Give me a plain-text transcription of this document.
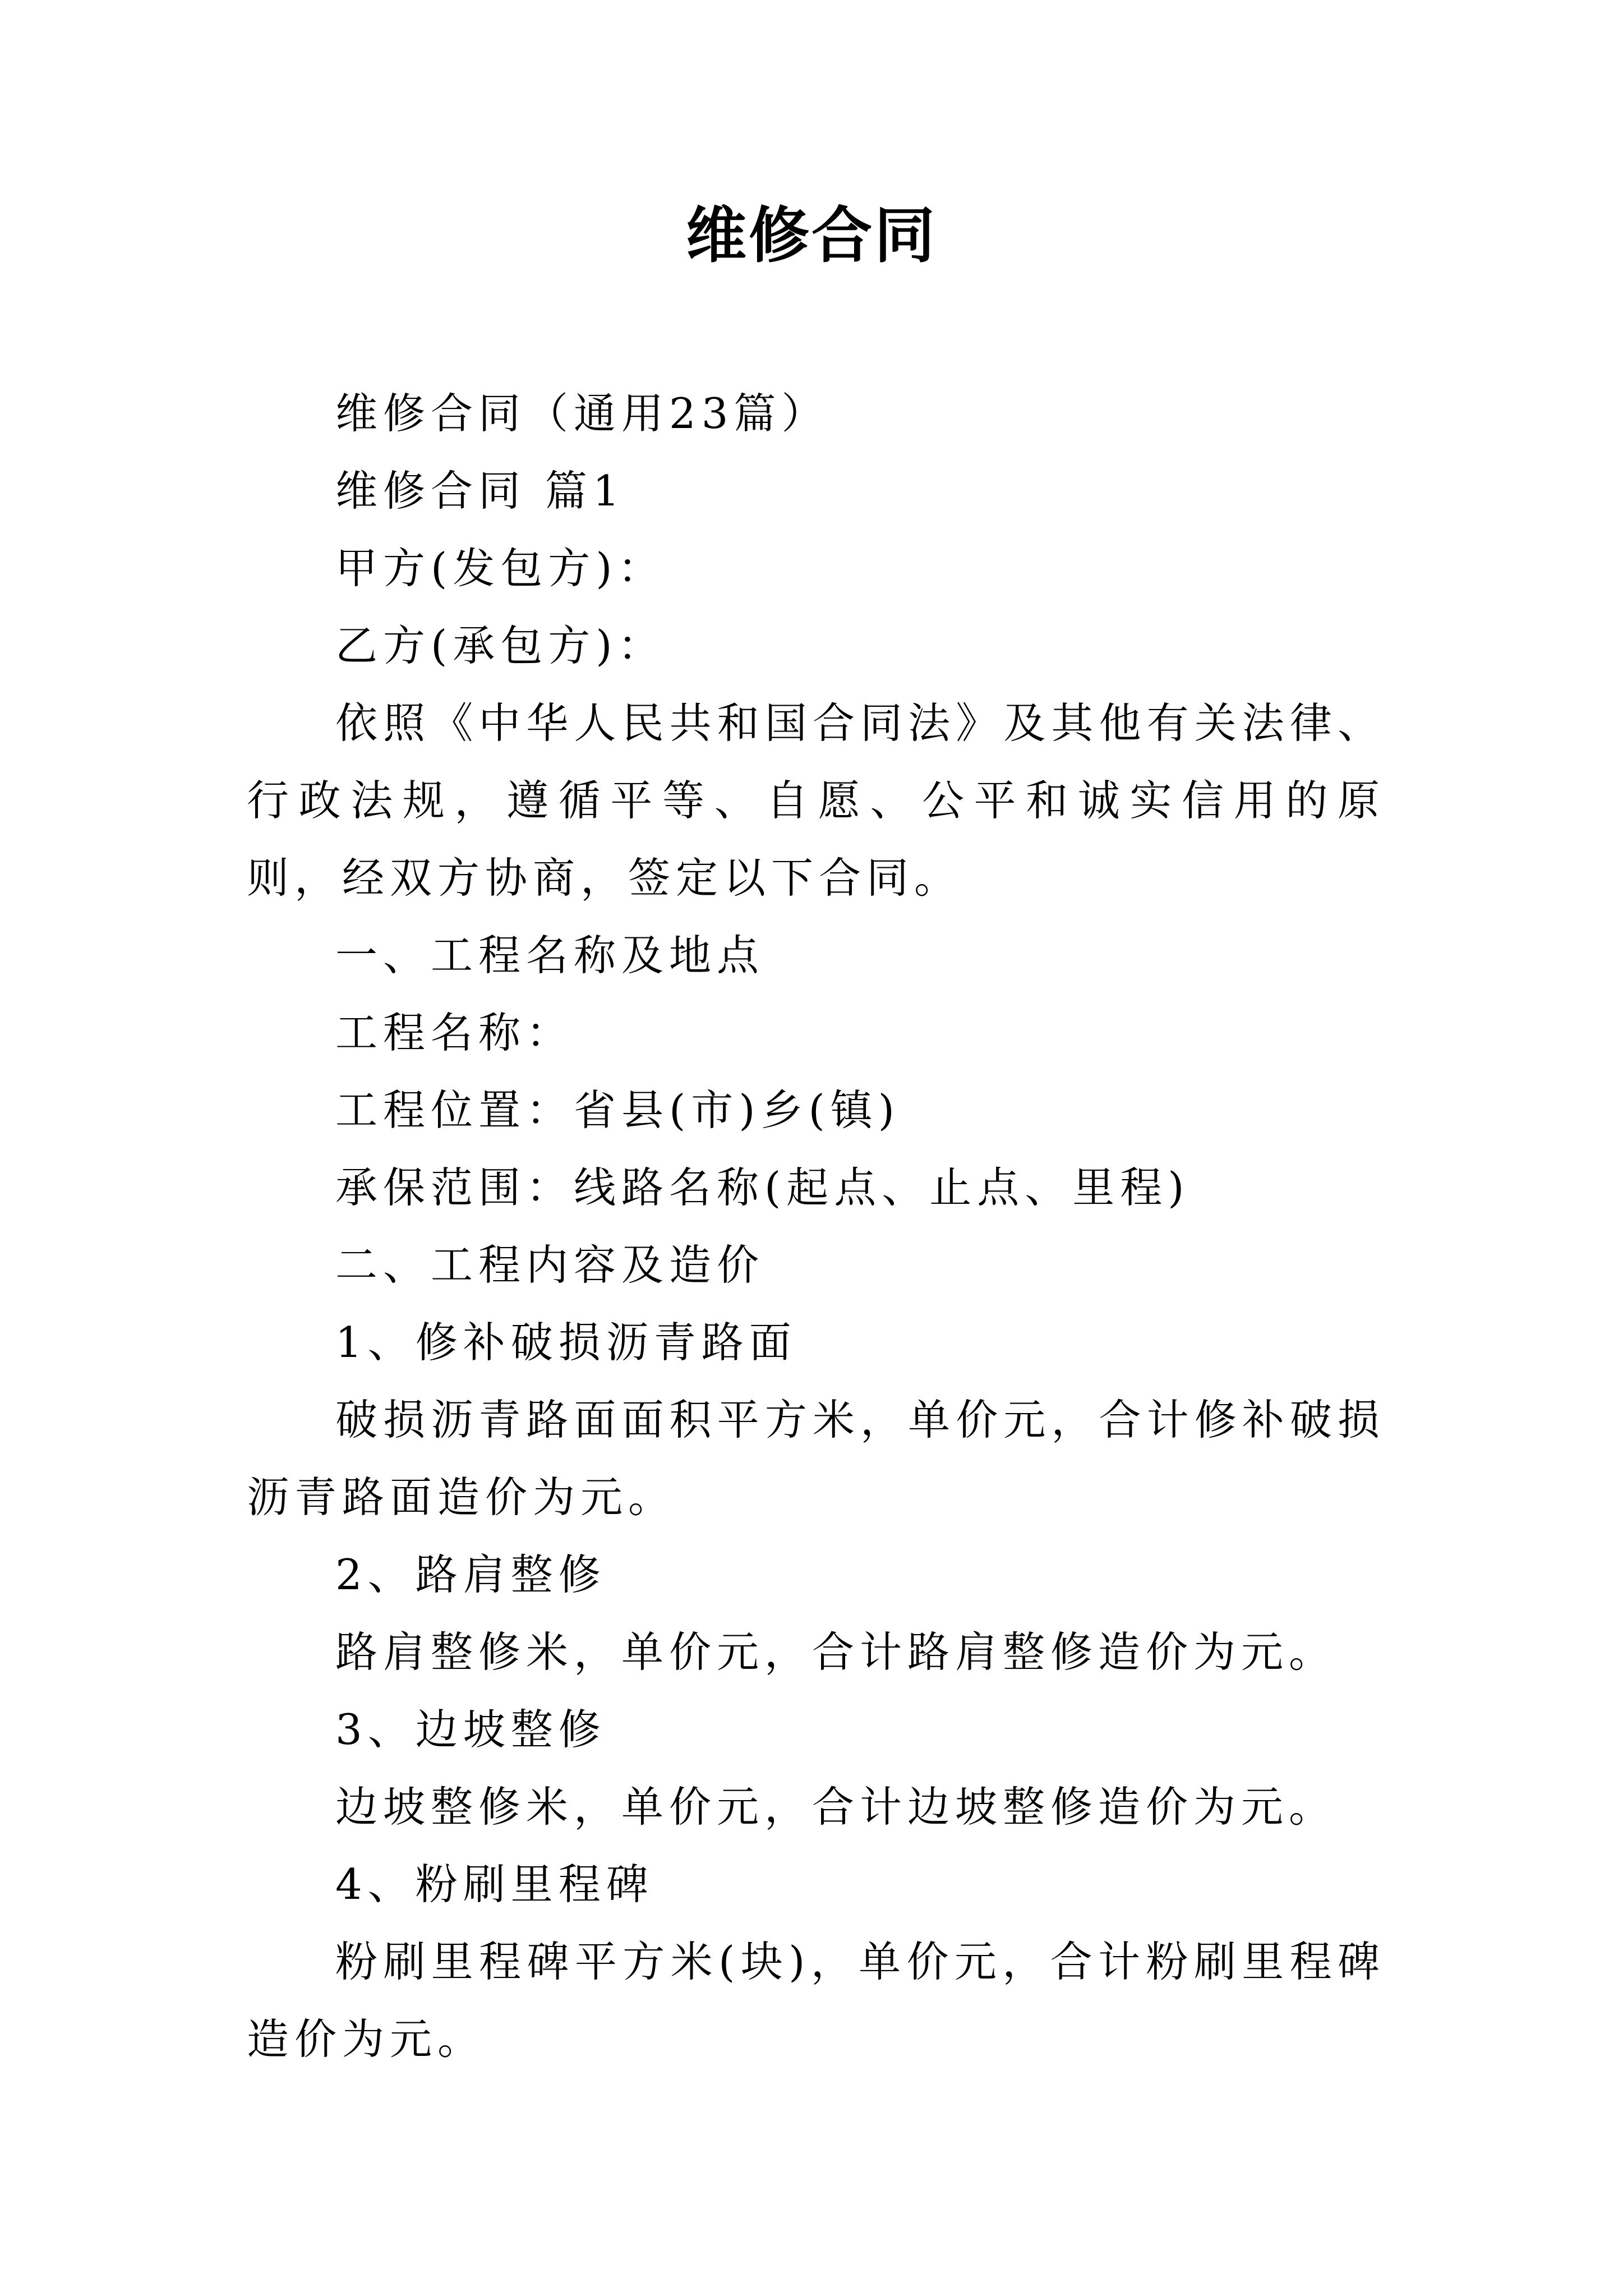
维修合同

维修合同（通用23篇）

维修合同 篇1

甲方(发包方)：

乙方(承包方)：

依照《中华人民共和国合同法》及其他有关法律、行政法规，遵循平等、自愿、公平和诚实信用的原则，经双方协商，签定以下合同。

一、工程名称及地点

工程名称：

工程位置：省县(市)乡(镇)

承保范围：线路名称(起点、止点、里程)

二、工程内容及造价

1、修补破损沥青路面

破损沥青路面面积平方米，单价元，合计修补破损沥青路面造价为元。

2、路肩整修

路肩整修米，单价元，合计路肩整修造价为元。

3、边坡整修

边坡整修米，单价元，合计边坡整修造价为元。

4、粉刷里程碑

粉刷里程碑平方米(块)，单价元，合计粉刷里程碑造价为元。
